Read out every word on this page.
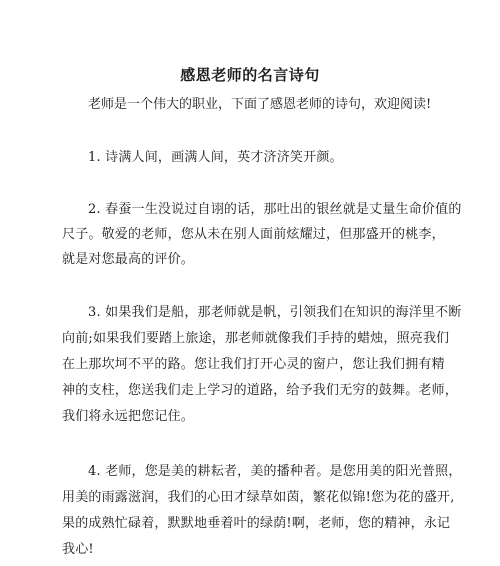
感恩老师的名言诗句
老师是一个伟大的职业，下面了感恩老师的诗句，欢迎阅读!
1. 诗满人间，画满人间，英才济济笑开颜。
2. 春蚕一生没说过自诩的话，那吐出的银丝就是丈量生命价值的
尺子。敬爱的老师，您从未在别人面前炫耀过，但那盛开的桃李，
就是对您最高的评价。
3. 如果我们是船，那老师就是帆，引领我们在知识的海洋里不断
向前;如果我们要踏上旅途，那老师就像我们手持的蜡烛，照亮我们
在上那坎坷不平的路。您让我们打开心灵的窗户，您让我们拥有精
神的支柱，您送我们走上学习的道路，给予我们无穷的鼓舞。老师，
我们将永远把您记住。
4. 老师，您是美的耕耘者，美的播种者。是您用美的阳光普照，
用美的雨露滋润，我们的心田才绿草如茵，繁花似锦!您为花的盛开,
果的成熟忙碌着，默默地垂着叶的绿荫!啊，老师，您的精神，永记
我心!
